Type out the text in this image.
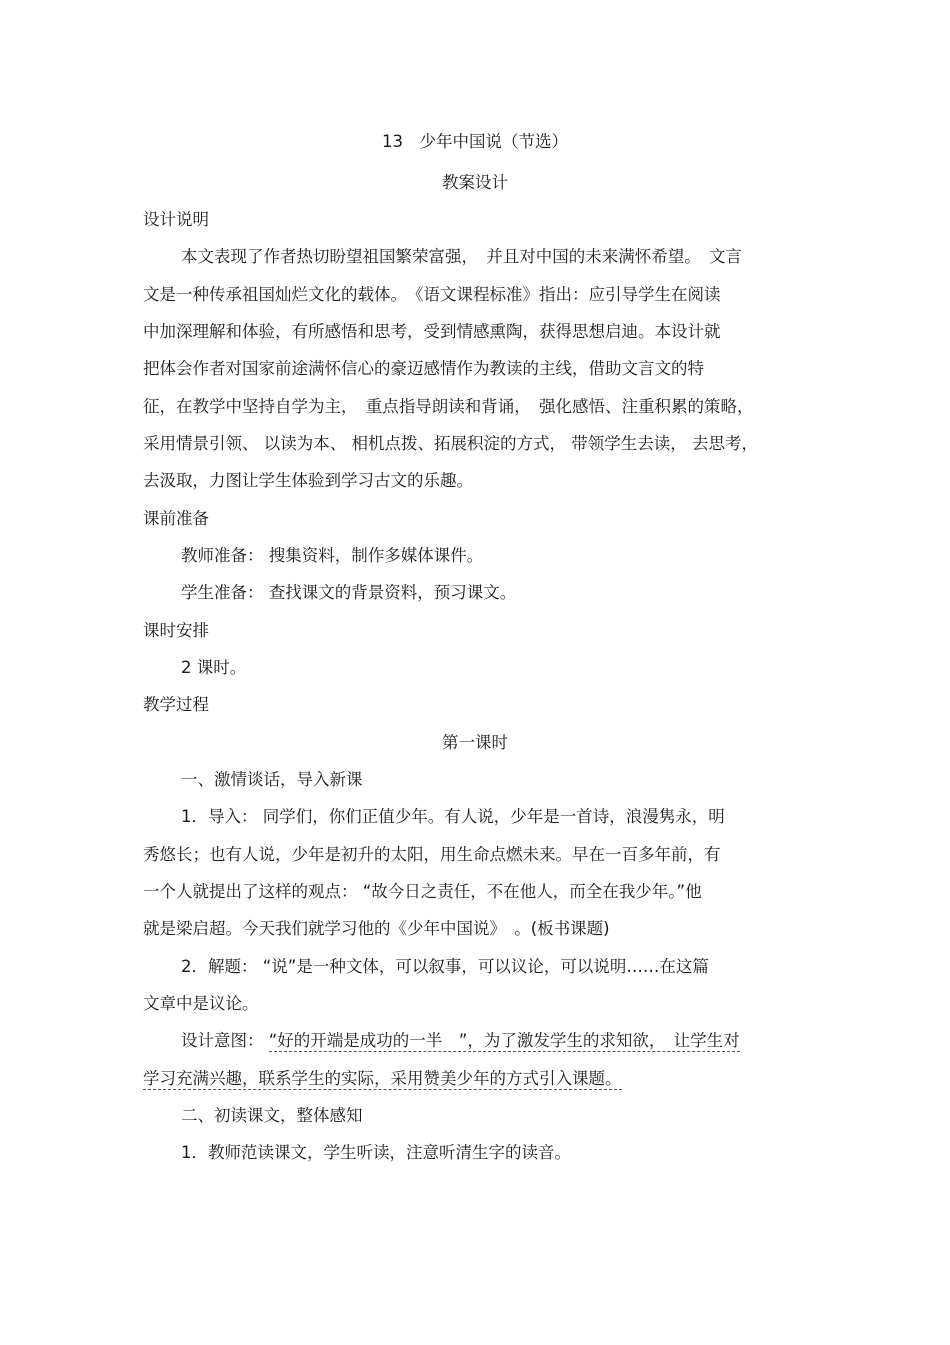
13　少年中国说（节选）
教案设计
设计说明
本文表现了作者热切盼望祖国繁荣富强，　并且对中国的未来满怀希望。　文言
文是一种传承祖国灿烂文化的载体。　《语文课程标准》指出：应引导学生在阅读
中加深理解和体验，有所感悟和思考，受到情感熏陶，获得思想启迪。本设计就
把体会作者对国家前途满怀信心的豪迈感情作为教读的主线，借助文言文的特
征，在教学中坚持自学为主，　重点指导朗读和背诵，　强化感悟、注重积累的策略，
采用情景引领、 以读为本、 相机点拨、拓展积淀的方式， 带领学生去读， 去思考，
去汲取，力图让学生体验到学习古文的乐趣。
课前准备
教师准备： 搜集资料，制作多媒体课件。
学生准备： 查找课文的背景资料，预习课文。
课时安排
2 课时。
教学过程
第一课时
一、激情谈话，导入新课
1．导入： 同学们，你们正值少年。有人说，少年是一首诗，浪漫隽永，明
秀悠长；也有人说，少年是初升的太阳，用生命点燃未来。早在一百多年前，有
一个人就提出了这样的观点： “故今日之责任，不在他人，而全在我少年。”他
就是梁启超。今天我们就学习他的《少年中国说》　。(板书课题)
2．解题： “说”是一种文体，可以叙事，可以议论，可以说明……在这篇
文章中是议论。
设计意图： “好的开端是成功的一半　”，为了激发学生的求知欲，　让学生对
学习充满兴趣，联系学生的实际，采用赞美少年的方式引入课题。
二、初读课文，整体感知
1．教师范读课文，学生听读，注意听清生字的读音。
